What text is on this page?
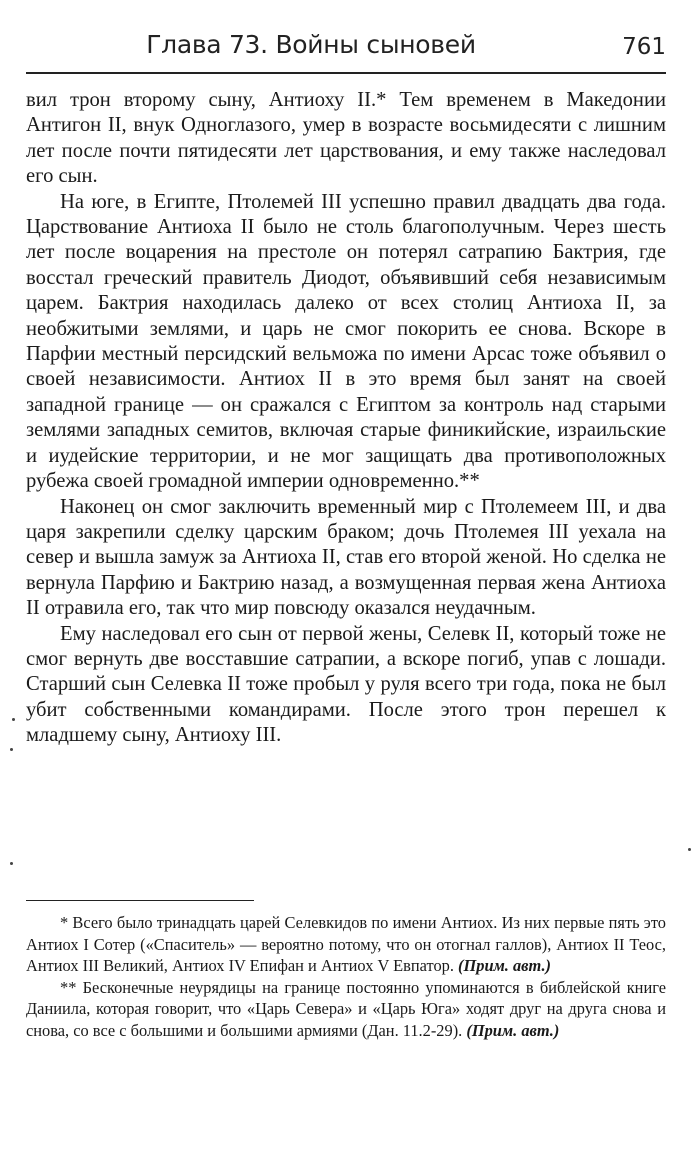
Глава 73. Войны сыновей	761

вил трон второму сыну, Антиоху II.* Тем временем в Македонии Антигон II, внук Одноглазого, умер в возрасте восьмидесяти с лишним лет после почти пятидесяти лет царствования, и ему также наследовал его сын.

На юге, в Египте, Птолемей III успешно правил двадцать два года. Царствование Антиоха II было не столь благополучным. Через шесть лет после воцарения на престоле он потерял сатрапию Бактрия, где восстал греческий правитель Диодот, объявивший себя независимым царем. Бактрия находилась далеко от всех столиц Антиоха II, за необжитыми землями, и царь не смог покорить ее снова. Вскоре в Парфии местный персидский вельможа по имени Арсас тоже объявил о своей независимости. Антиох II в это время был занят на своей западной границе — он сражался с Египтом за контроль над старыми землями западных семитов, включая старые финикийские, израильские и иудейские территории, и не мог защищать два противоположных рубежа своей громадной империи одновременно.**

Наконец он смог заключить временный мир с Птолемеем III, и два царя закрепили сделку царским браком; дочь Птолемея III уехала на север и вышла замуж за Антиоха II, став его второй женой. Но сделка не вернула Парфию и Бактрию назад, а возмущенная первая жена Антиоха II отравила его, так что мир повсюду оказался неудачным.

Ему наследовал его сын от первой жены, Селевк II, который тоже не смог вернуть две восставшие сатрапии, а вскоре погиб, упав с лошади. Старший сын Селевка II тоже пробыл у руля всего три года, пока не был убит собственными командирами. После этого трон перешел к младшему сыну, Антиоху III.

* Всего было тринадцать царей Селевкидов по имени Антиох. Из них первые пять это Антиох I Сотер («Спаситель» — вероятно потому, что он отогнал галлов), Антиох II Теос, Антиох III Великий, Антиох IV Епифан и Антиох V Евпатор. (Прим. авт.)

** Бесконечные неурядицы на границе постоянно упоминаются в библейской книге Даниила, которая говорит, что «Царь Севера» и «Царь Юга» ходят друг на друга снова и снова, со все с большими и большими армиями (Дан. 11.2-29). (Прим. авт.)
